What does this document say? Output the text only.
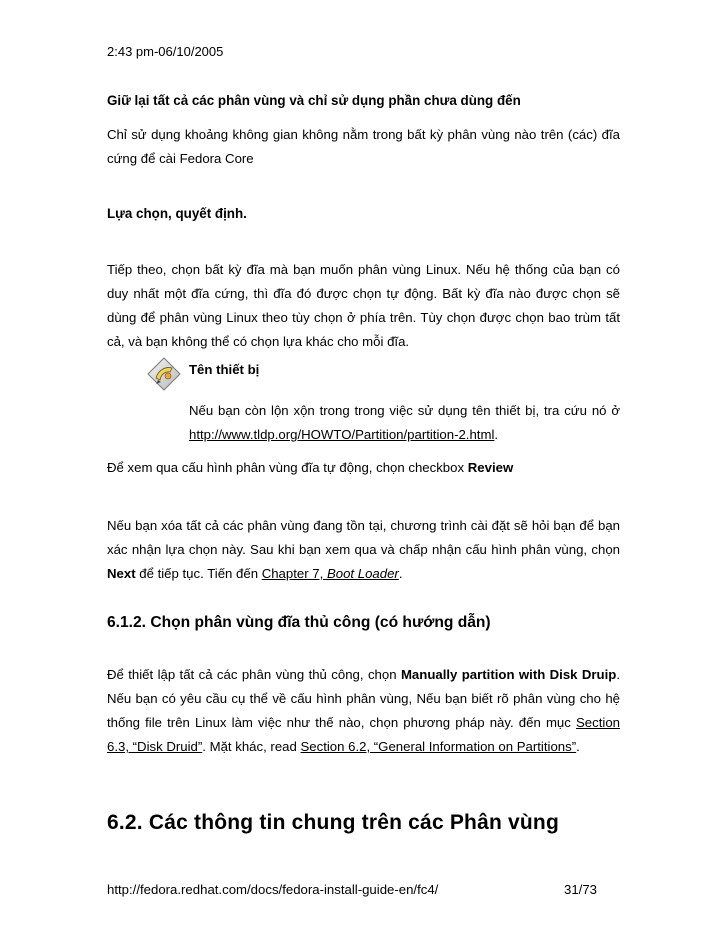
2:43 pm-06/10/2005
Giữ lại tất cả các phân vùng và chỉ sử dụng phần chưa dùng đến
Chỉ sử dụng khoảng không gian không nằm trong bất kỳ phân vùng nào trên (các) đĩa cứng để cài Fedora Core
Lựa chọn, quyết định.
Tiếp theo, chọn bất kỳ đĩa mà bạn muốn phân vùng Linux. Nếu hệ thống của bạn có duy nhất một đĩa cứng, thì đĩa đó được chọn tự động. Bất kỳ đĩa nào được chọn sẽ dùng để phân vùng Linux theo tùy chọn ở phía trên. Tùy chọn được chọn bao trùm tất cả, và bạn không thể có chọn lựa khác cho mỗi đĩa.
Tên thiết bị
Nếu bạn còn lộn xộn trong trong việc sử dụng tên thiết bị, tra cứu nó ở http://www.tldp.org/HOWTO/Partition/partition-2.html.
Để xem qua cấu hình phân vùng đĩa tự động, chọn checkbox Review
Nếu bạn xóa tất cả các phân vùng đang tồn tại, chương trình cài đặt sẽ hỏi bạn để bạn xác nhận lựa chọn này. Sau khi bạn xem qua và chấp nhận cấu hình phân vùng, chọn Next để tiếp tục. Tiến đến Chapter 7, Boot Loader.
6.1.2. Chọn phân vùng đĩa thủ công (có hướng dẫn)
Để thiết lập tất cả các phân vùng thủ công, chọn Manually partition with Disk Druip. Nếu bạn có yêu cầu cụ thể về cấu hình phân vùng, Nếu bạn biết rõ phân vùng cho hệ thống file trên Linux làm việc như thế nào, chọn phương pháp này. đến mục Section 6.3, “Disk Druid”. Mặt khác, read Section 6.2, “General Information on Partitions”.
6.2. Các thông tin chung trên các Phân vùng
http://fedora.redhat.com/docs/fedora-install-guide-en/fc4/	31/73
